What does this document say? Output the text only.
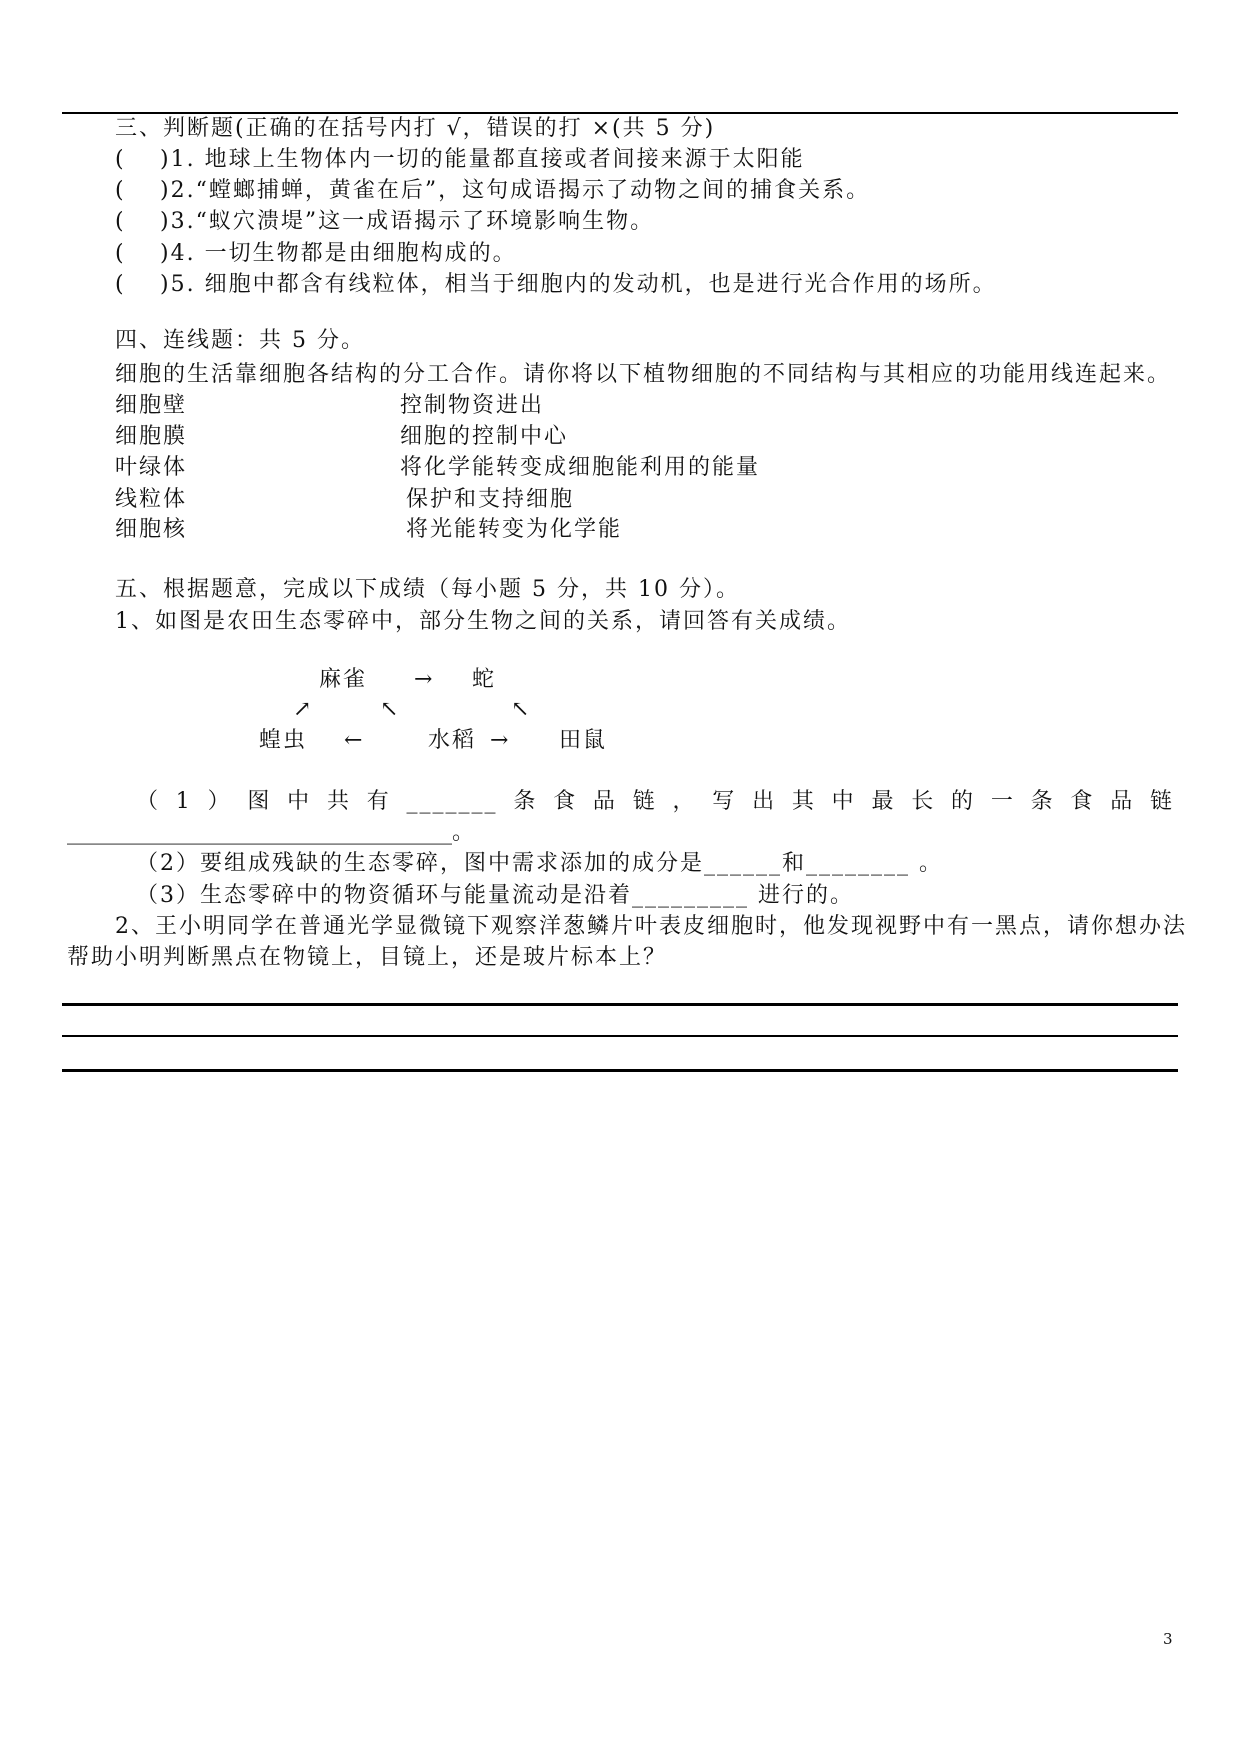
三、判断题(正确的在括号内打 √，错误的打 ×(共 5 分)
( )1. 地球上生物体内一切的能量都直接或者间接来源于太阳能
( )2.“螳螂捕蝉，黄雀在后”，这句成语揭示了动物之间的捕食关系。
( )3.“蚁穴溃堤”这一成语揭示了环境影响生物。
( )4. 一切生物都是由细胞构成的。
( )5. 细胞中都含有线粒体，相当于细胞内的发动机，也是进行光合作用的场所。
四、连线题：共 5 分。
细胞的生活靠细胞各结构的分工合作。请你将以下植物细胞的不同结构与其相应的功能用线连起来。
细胞壁	控制物资进出
细胞膜	细胞的控制中心
叶绿体	将化学能转变成细胞能利用的能量
线粒体	保护和支持细胞
细胞核	将光能转变为化学能
五、根据题意，完成以下成绩（每小题 5 分，共 10 分）。
1、如图是农田生态零碎中，部分生物之间的关系，请回答有关成绩。
麻雀 → 蛇
↗	↖	↖
蝗虫 ←	水稻 → 田鼠
（1）图中共有_______条食品链，写出其中最长的一条食品链
___________________________________。
（2）要组成残缺的生态零碎，图中需求添加的成分是______和________ 。
（3）生态零碎中的物资循环与能量流动是沿着_________ 进行的。
2、王小明同学在普通光学显微镜下观察洋葱鳞片叶表皮细胞时，他发现视野中有一黑点，请你想办法
帮助小明判断黑点在物镜上，目镜上，还是玻片标本上？
3
